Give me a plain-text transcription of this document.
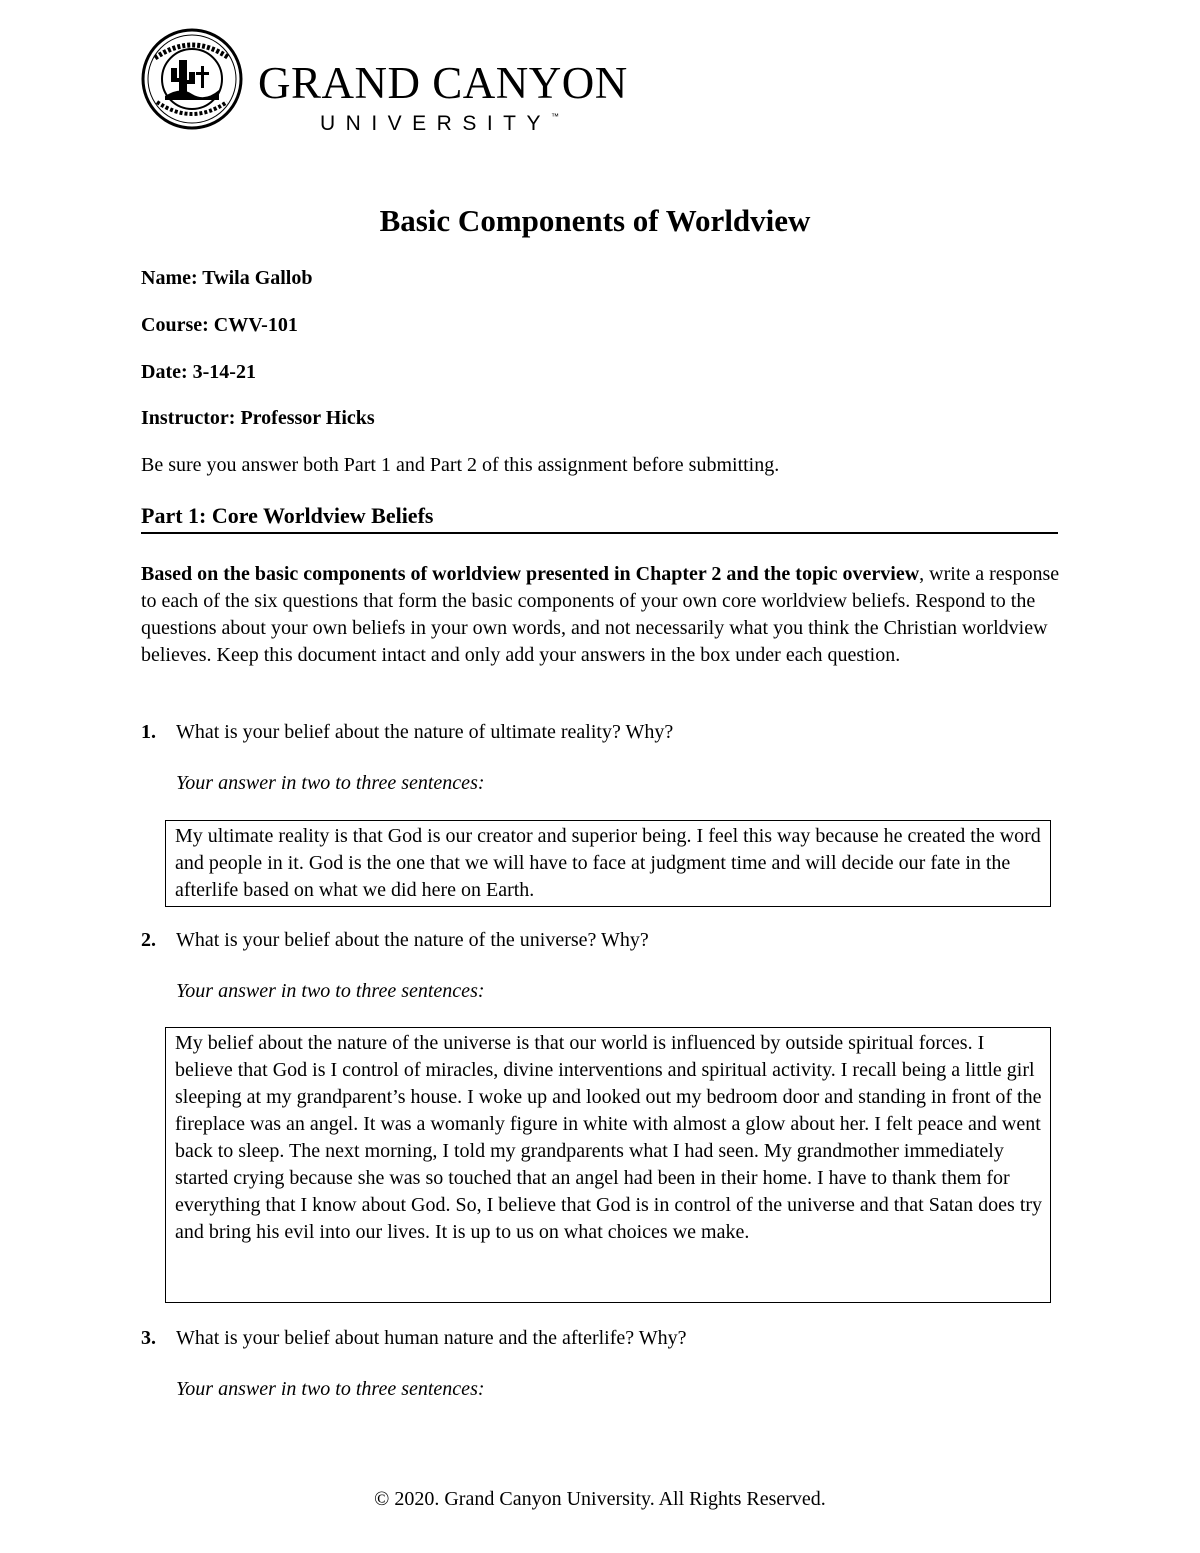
GRAND CANYON
UNIVERSITY™
Basic Components of Worldview
Name: Twila Gallob
Course: CWV-101
Date: 3-14-21
Instructor: Professor Hicks
Be sure you answer both Part 1 and Part 2 of this assignment before submitting.
Part 1: Core Worldview Beliefs
Based on the basic components of worldview presented in Chapter 2 and the topic overview, write a response to each of the six questions that form the basic components of your own core worldview beliefs. Respond to the questions about your own beliefs in your own words, and not necessarily what you think the Christian worldview believes. Keep this document intact and only add your answers in the box under each question.
1. What is your belief about the nature of ultimate reality? Why?
Your answer in two to three sentences:
My ultimate reality is that God is our creator and superior being. I feel this way because he created the word and people in it. God is the one that we will have to face at judgment time and will decide our fate in the afterlife based on what we did here on Earth.
2. What is your belief about the nature of the universe? Why?
Your answer in two to three sentences:
My belief about the nature of the universe is that our world is influenced by outside spiritual forces. I believe that God is I control of miracles, divine interventions and spiritual activity. I recall being a little girl sleeping at my grandparent’s house. I woke up and looked out my bedroom door and standing in front of the fireplace was an angel. It was a womanly figure in white with almost a glow about her. I felt peace and went back to sleep. The next morning, I told my grandparents what I had seen. My grandmother immediately started crying because she was so touched that an angel had been in their home. I have to thank them for everything that I know about God. So, I believe that God is in control of the universe and that Satan does try and bring his evil into our lives. It is up to us on what choices we make.
3. What is your belief about human nature and the afterlife? Why?
Your answer in two to three sentences:
© 2020. Grand Canyon University. All Rights Reserved.
